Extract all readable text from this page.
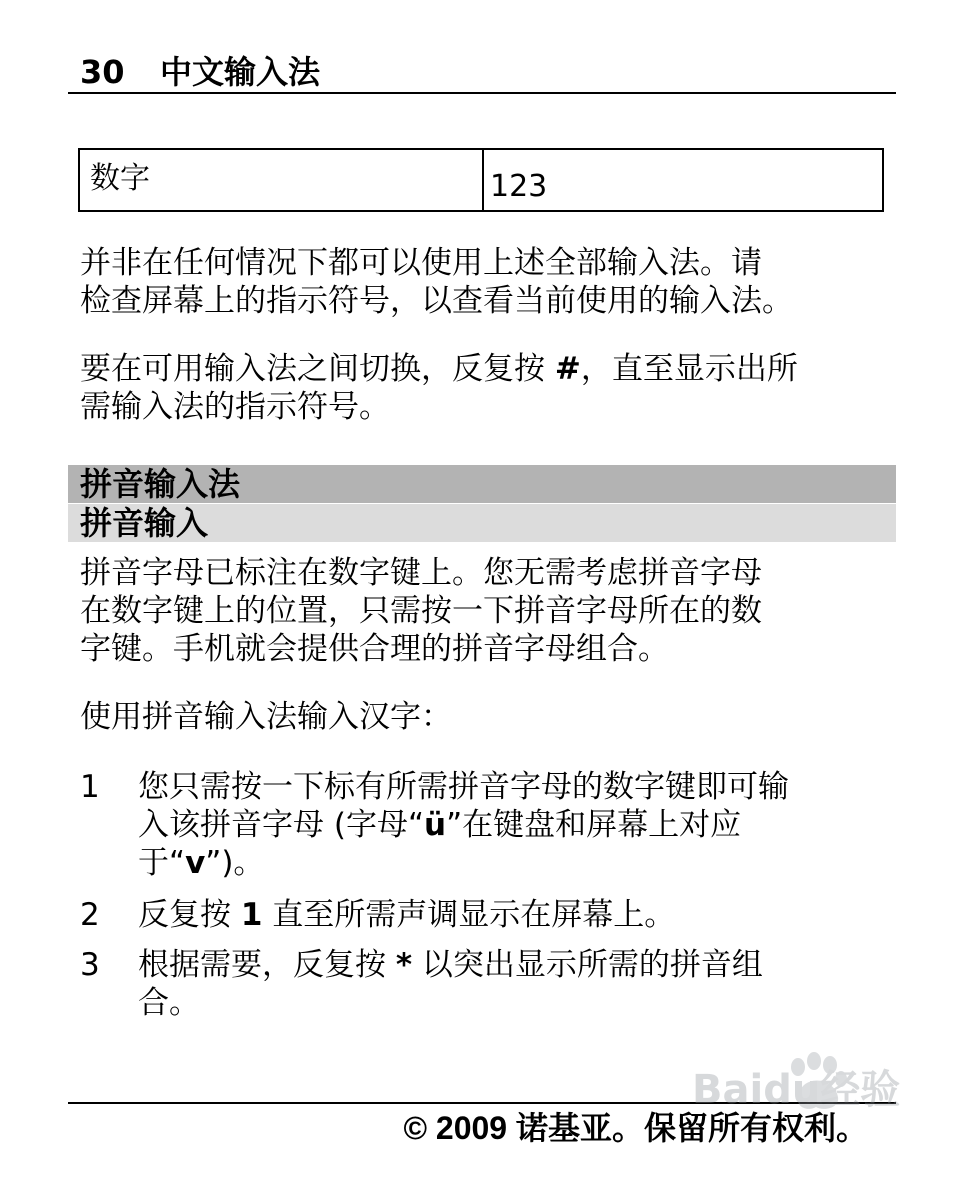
30 中文输入法
数字	123

并非在任何情况下都可以使用上述全部输入法。请
检查屏幕上的指示符号，以查看当前使用的输入法。

要在可用输入法之间切换，反复按 #，直至显示出所
需输入法的指示符号。

拼音输入法
拼音输入

拼音字母已标注在数字键上。您无需考虑拼音字母
在数字键上的位置，只需按一下拼音字母所在的数
字键。手机就会提供合理的拼音字母组合。

使用拼音输入法输入汉字：

1 您只需按一下标有所需拼音字母的数字键即可输
入该拼音字母 (字母“ü”在键盘和屏幕上对应
于“v”)。
2 反复按 1 直至所需声调显示在屏幕上。
3 根据需要，反复按 * 以突出显示所需的拼音组
合。
© 2009 诺基亚。保留所有权利。
Baidu经验
